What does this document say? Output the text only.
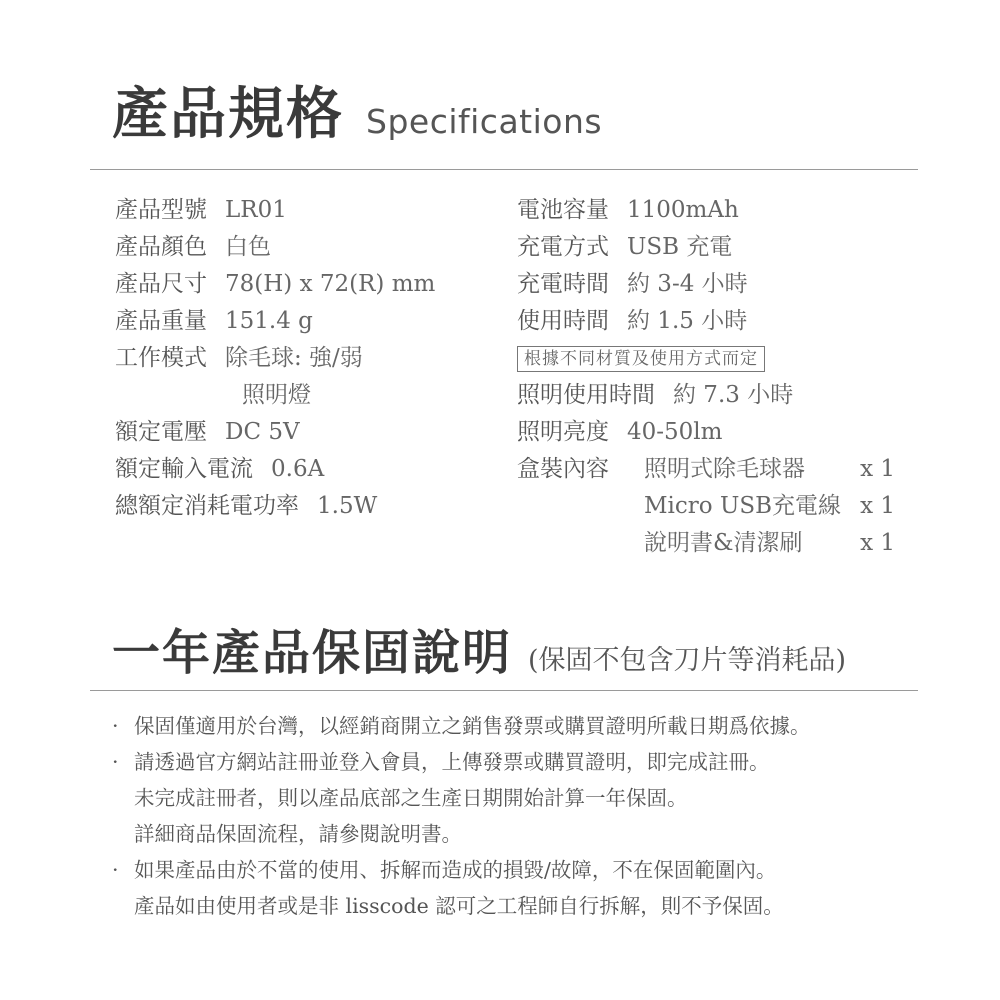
產品規格 Specifications
產品型號 LR01
產品顏色 白色
產品尺寸 78(H) x 72(R) mm
產品重量 151.4 g
工作模式 除毛球: 強/弱
照明燈
額定電壓 DC 5V
額定輸入電流 0.6A
總額定消耗電功率 1.5W
電池容量 1100mAh
充電方式 USB 充電
充電時間 約 3-4 小時
使用時間 約 1.5 小時
根據不同材質及使用方式而定
照明使用時間 約 7.3 小時
照明亮度 40-50lm
盒裝內容	照明式除毛球器	x 1
Micro USB充電線 x 1
說明書&清潔刷	x 1
一年產品保固說明 (保固不包含刀片等消耗品)
· 保固僅適用於台灣，以經銷商開立之銷售發票或購買證明所載日期爲依據。
· 請透過官方網站註冊並登入會員，上傳發票或購買證明，即完成註冊。
未完成註冊者，則以產品底部之生產日期開始計算一年保固。
詳細商品保固流程，請參閱說明書。
· 如果產品由於不當的使用、拆解而造成的損毀/故障，不在保固範圍內。
產品如由使用者或是非 lisscode 認可之工程師自行拆解，則不予保固。
